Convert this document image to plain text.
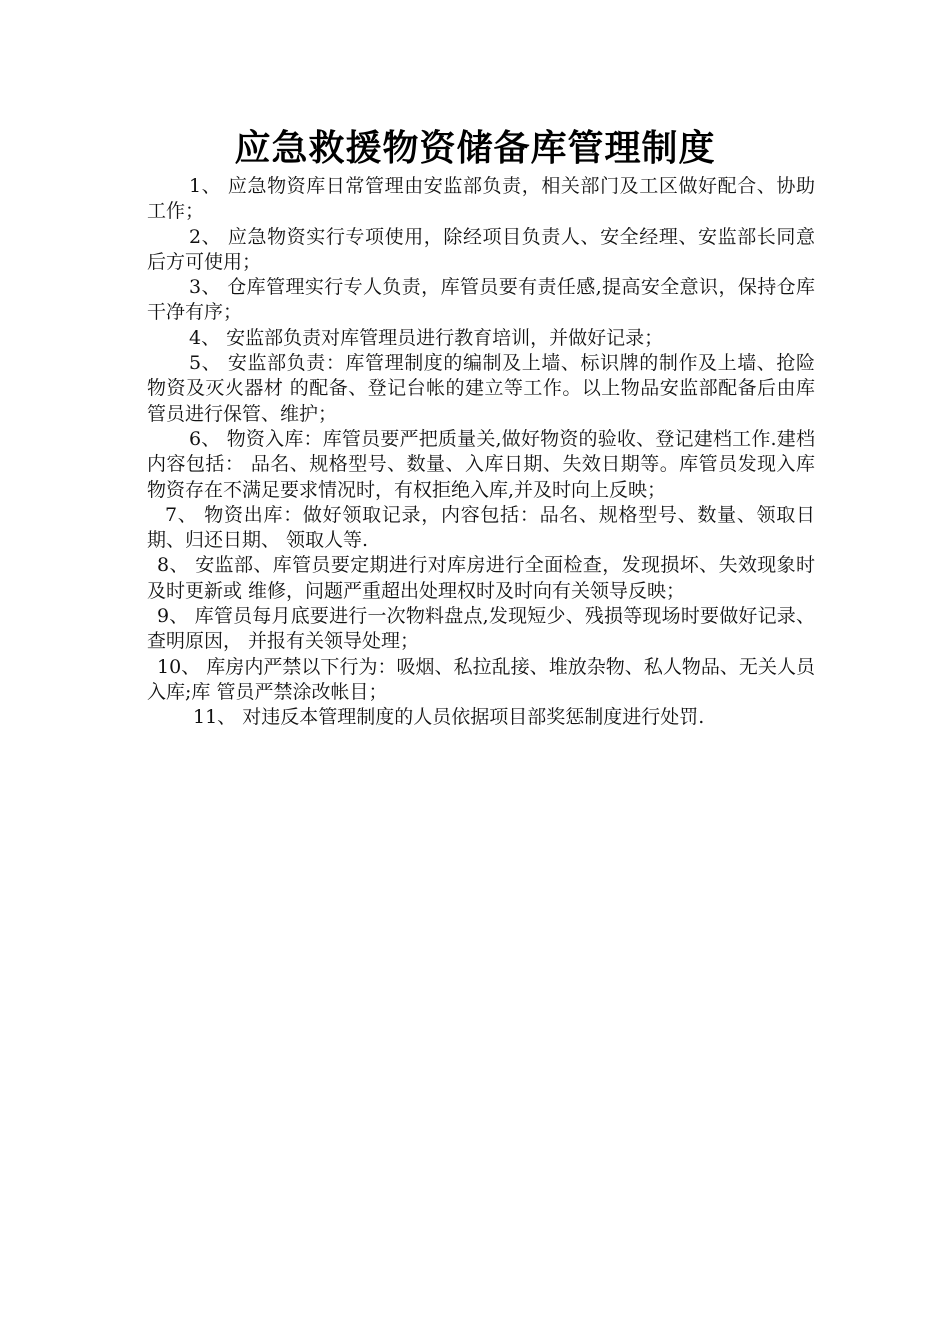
应急救援物资储备库管理制度

1、 应急物资库日常管理由安监部负责，相关部门及工区做好配合、协助工作；

2、 应急物资实行专项使用，除经项目负责人、安全经理、安监部长同意后方可使用；

3、 仓库管理实行专人负责，库管员要有责任感,提高安全意识，保持仓库干净有序；

4、 安监部负责对库管理员进行教育培训，并做好记录；

5、 安监部负责：库管理制度的编制及上墙、标识牌的制作及上墙、抢险物资及灭火器材 的配备、登记台帐的建立等工作。以上物品安监部配备后由库管员进行保管、维护；

6、 物资入库：库管员要严把质量关,做好物资的验收、登记建档工作.建档内容包括： 品名、规格型号、数量、入库日期、失效日期等。库管员发现入库物资存在不满足要求情况时，有权拒绝入库,并及时向上反映；

7、 物资出库：做好领取记录，内容包括：品名、规格型号、数量、领取日期、归还日期、 领取人等.

8、 安监部、库管员要定期进行对库房进行全面检查，发现损坏、失效现象时及时更新或 维修，问题严重超出处理权时及时向有关领导反映；

9、 库管员每月底要进行一次物料盘点,发现短少、残损等现场时要做好记录、查明原因， 并报有关领导处理；

10、 库房内严禁以下行为：吸烟、私拉乱接、堆放杂物、私人物品、无关人员入库;库 管员严禁涂改帐目；

11、 对违反本管理制度的人员依据项目部奖惩制度进行处罚.
